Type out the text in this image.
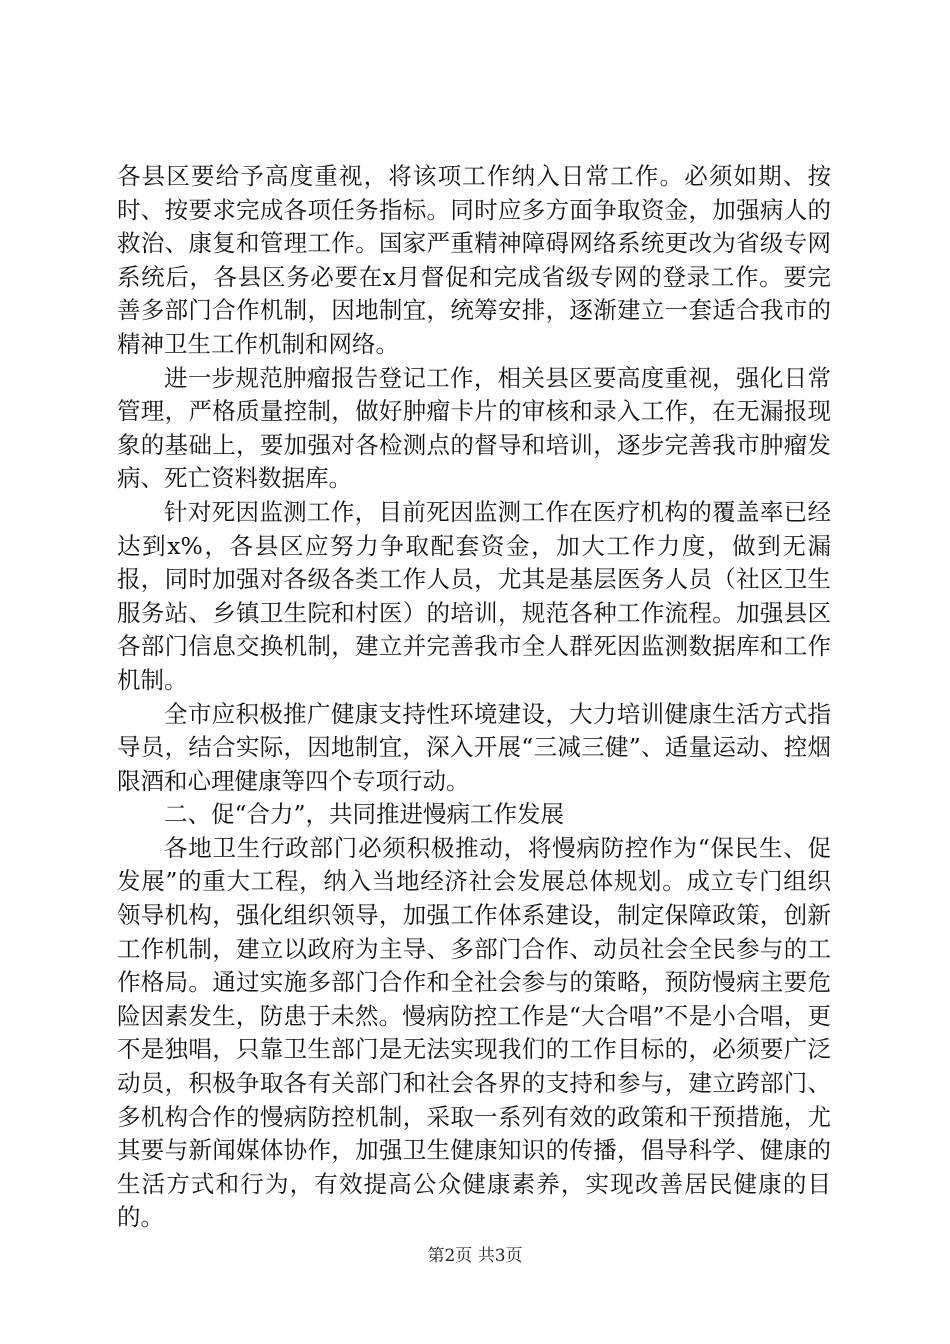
各县区要给予高度重视，将该项工作纳入日常工作。必须如期、按时、按要求完成各项任务指标。同时应多方面争取资金，加强病人的救治、康复和管理工作。国家严重精神障碍网络系统更改为省级专网系统后，各县区务必要在x月督促和完成省级专网的登录工作。要完善多部门合作机制，因地制宜，统筹安排，逐渐建立一套适合我市的精神卫生工作机制和网络。

进一步规范肿瘤报告登记工作，相关县区要高度重视，强化日常管理，严格质量控制，做好肿瘤卡片的审核和录入工作，在无漏报现象的基础上，要加强对各检测点的督导和培训，逐步完善我市肿瘤发病、死亡资料数据库。

针对死因监测工作，目前死因监测工作在医疗机构的覆盖率已经达到x%，各县区应努力争取配套资金，加大工作力度，做到无漏报，同时加强对各级各类工作人员，尤其是基层医务人员（社区卫生服务站、乡镇卫生院和村医）的培训，规范各种工作流程。加强县区各部门信息交换机制，建立并完善我市全人群死因监测数据库和工作机制。

全市应积极推广健康支持性环境建设，大力培训健康生活方式指导员，结合实际，因地制宜，深入开展“三减三健”、适量运动、控烟限酒和心理健康等四个专项行动。

二、促“合力”，共同推进慢病工作发展

各地卫生行政部门必须积极推动，将慢病防控作为“保民生、促发展”的重大工程，纳入当地经济社会发展总体规划。成立专门组织领导机构，强化组织领导，加强工作体系建设，制定保障政策，创新工作机制，建立以政府为主导、多部门合作、动员社会全民参与的工作格局。通过实施多部门合作和全社会参与的策略，预防慢病主要危险因素发生，防患于未然。慢病防控工作是“大合唱”不是小合唱，更不是独唱，只靠卫生部门是无法实现我们的工作目标的，必须要广泛动员，积极争取各有关部门和社会各界的支持和参与，建立跨部门、多机构合作的慢病防控机制，采取一系列有效的政策和干预措施，尤其要与新闻媒体协作，加强卫生健康知识的传播，倡导科学、健康的生活方式和行为，有效提高公众健康素养，实现改善居民健康的目的。

第2页 共3页
